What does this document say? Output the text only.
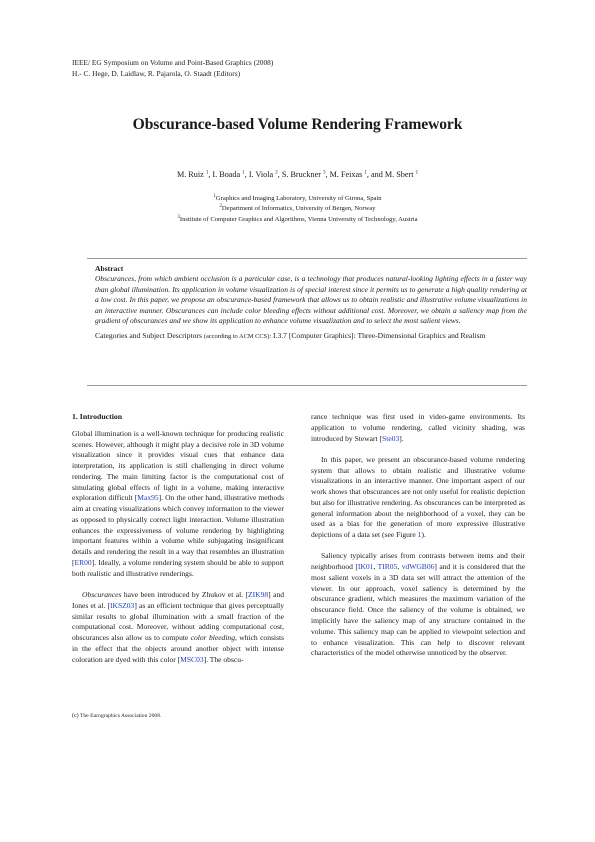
IEEE/ EG Symposium on Volume and Point-Based Graphics (2008)
H.- C. Hege, D. Laidlaw, R. Pajarola, O. Staadt (Editors)
Obscurance-based Volume Rendering Framework
M. Ruiz $^1$, I. Boada $^1$, I. Viola $^2$, S. Bruckner $^3$, M. Feixas $^1$, and M. Sbert $^1$
$^1$Graphics and Imaging Laboratory, University of Girona, Spain
$^2$Department of Informatics, University of Bergen, Norway
$^3$Institute of Computer Graphics and Algorithms, Vienna University of Technology, Austria
Abstract

Obscurances, from which ambient occlusion is a particular case, is a technology that produces natural-looking lighting effects in a faster way than global illumination. Its application in volume visualization is of special interest since it permits us to generate a high quality rendering at a low cost. In this paper, we propose an obscurance-based framework that allows us to obtain realistic and illustrative volume visualizations in an interactive manner. Obscurances can include color bleeding effects without additional cost. Moreover, we obtain a saliency map from the gradient of obscurances and we show its application to enhance volume visualization and to select the most salient views.

Categories and Subject Descriptors (according to ACM CCS): I.3.7 [Computer Graphics]: Three-Dimensional Graphics and Realism

1. Introduction

Global illumination is a well-known technique for producing realistic scenes. However, although it might play a decisive role in 3D volume visualization since it provides visual cues that enhance data interpretation, its application is still challenging in direct volume rendering. The main limiting factor is the computational cost of simulating global effects of light in a volume, making interactive exploration difficult [Max95]. On the other hand, illustrative methods aim at creating visualizations which convey information to the viewer as opposed to physically correct light interaction. Volume illustration enhances the expressiveness of volume rendering by highlighting important features within a volume while subjugating insignificant details and rendering the result in a way that resembles an illustration [ER00]. Ideally, a volume rendering system should be able to support both realistic and illustrative renderings.

Obscurances have been introduced by Zhukov et al. [ZIK98] and Iones et al. [IKSZ03] as an efficient technique that gives perceptually similar results to global illumination with a small fraction of the computational cost. Moreover, without adding computational cost, obscurances also allow us to compute color bleeding, which consists in the effect that the objects around another object with intense coloration are dyed with this color [MSC03]. The obscu-

rance technique was first used in video-game environments. Its application to volume rendering, called vicinity shading, was introduced by Stewart [Ste03].

In this paper, we present an obscurance-based volume rendering system that allows to obtain realistic and illustrative volume visualizations in an interactive manner. One important aspect of our work shows that obscurances are not only useful for realistic depiction but also for illustrative rendering. As obscurances can be interpreted as general information about the neighborhood of a voxel, they can be used as a bias for the generation of more expressive illustrative depictions of a data set (see Figure 1).

Saliency typically arises from contrasts between items and their neighborhood [IK01, TIR05, vdWGB06] and it is considered that the most salient voxels in a 3D data set will attract the attention of the viewer. In our approach, voxel saliency is determined by the obscurance gradient, which measures the maximum variation of the obscurance field. Once the saliency of the volume is obtained, we implicitly have the saliency map of any structure contained in the volume. This saliency map can be applied to viewpoint selection and to enhance visualization. This can help to discover relevant characteristics of the model otherwise unnoticed by the observer.

(c) The Eurographics Association 2008.
